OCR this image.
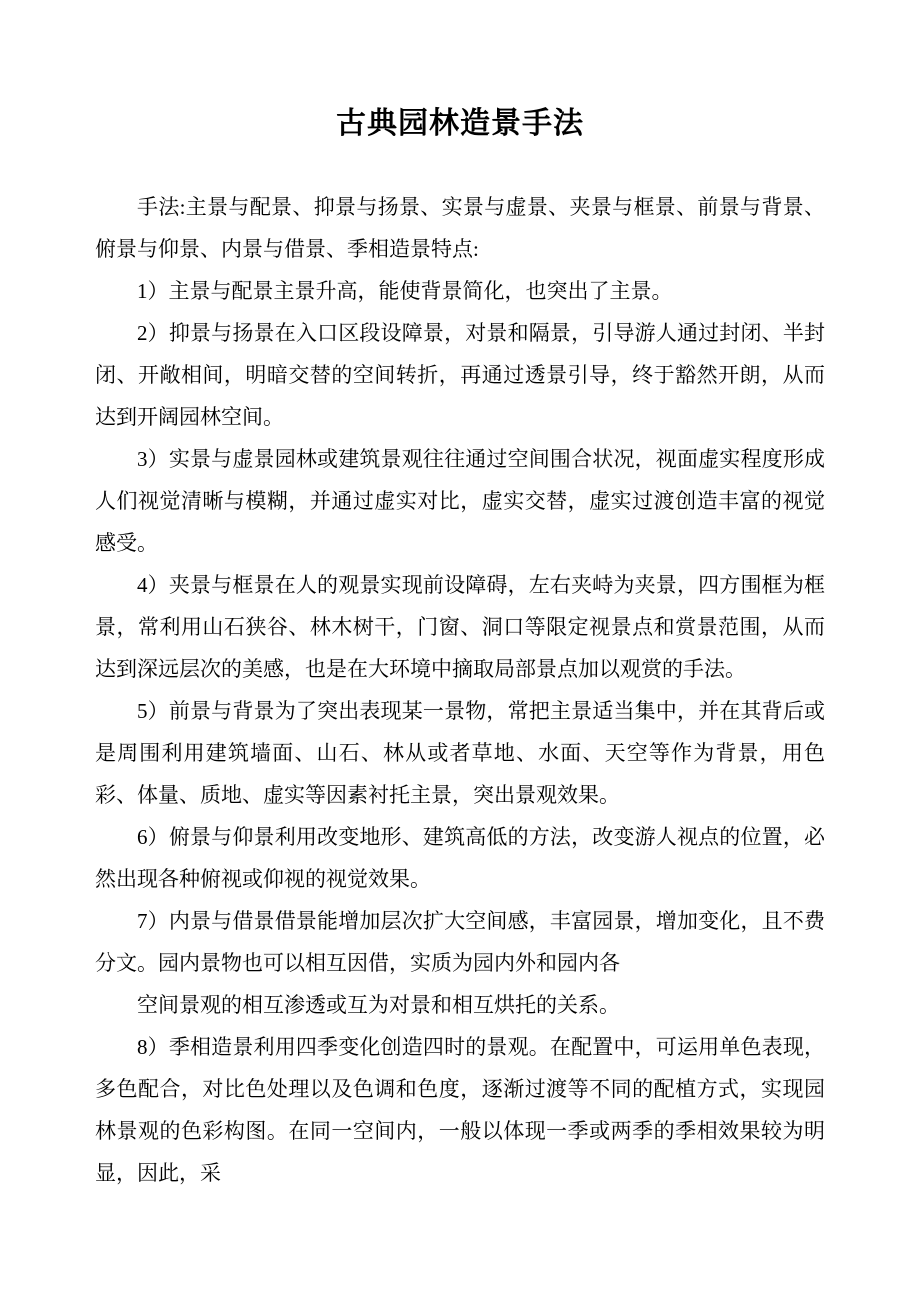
古典园林造景手法

手法:主景与配景、抑景与扬景、实景与虚景、夹景与框景、前景与背景、俯景与仰景、内景与借景、季相造景特点:

1）主景与配景主景升高，能使背景简化，也突出了主景。

2）抑景与扬景在入口区段设障景，对景和隔景，引导游人通过封闭、半封闭、开敞相间，明暗交替的空间转折，再通过透景引导，终于豁然开朗，从而达到开阔园林空间。

3）实景与虚景园林或建筑景观往往通过空间围合状况，视面虚实程度形成人们视觉清晰与模糊，并通过虚实对比，虚实交替，虚实过渡创造丰富的视觉感受。

4）夹景与框景在人的观景实现前设障碍，左右夹峙为夹景，四方围框为框景，常利用山石狭谷、林木树干，门窗、洞口等限定视景点和赏景范围，从而达到深远层次的美感，也是在大环境中摘取局部景点加以观赏的手法。

5）前景与背景为了突出表现某一景物，常把主景适当集中，并在其背后或是周围利用建筑墙面、山石、林从或者草地、水面、天空等作为背景，用色彩、体量、质地、虚实等因素衬托主景，突出景观效果。

6）俯景与仰景利用改变地形、建筑高低的方法，改变游人视点的位置，必然出现各种俯视或仰视的视觉效果。

7）内景与借景借景能增加层次扩大空间感，丰富园景，增加变化，且不费分文。园内景物也可以相互因借，实质为园内外和园内各

空间景观的相互渗透或互为对景和相互烘托的关系。

8）季相造景利用四季变化创造四时的景观。在配置中，可运用单色表现，多色配合，对比色处理以及色调和色度，逐渐过渡等不同的配植方式，实现园林景观的色彩构图。在同一空间内，一般以体现一季或两季的季相效果较为明显，因此，采
